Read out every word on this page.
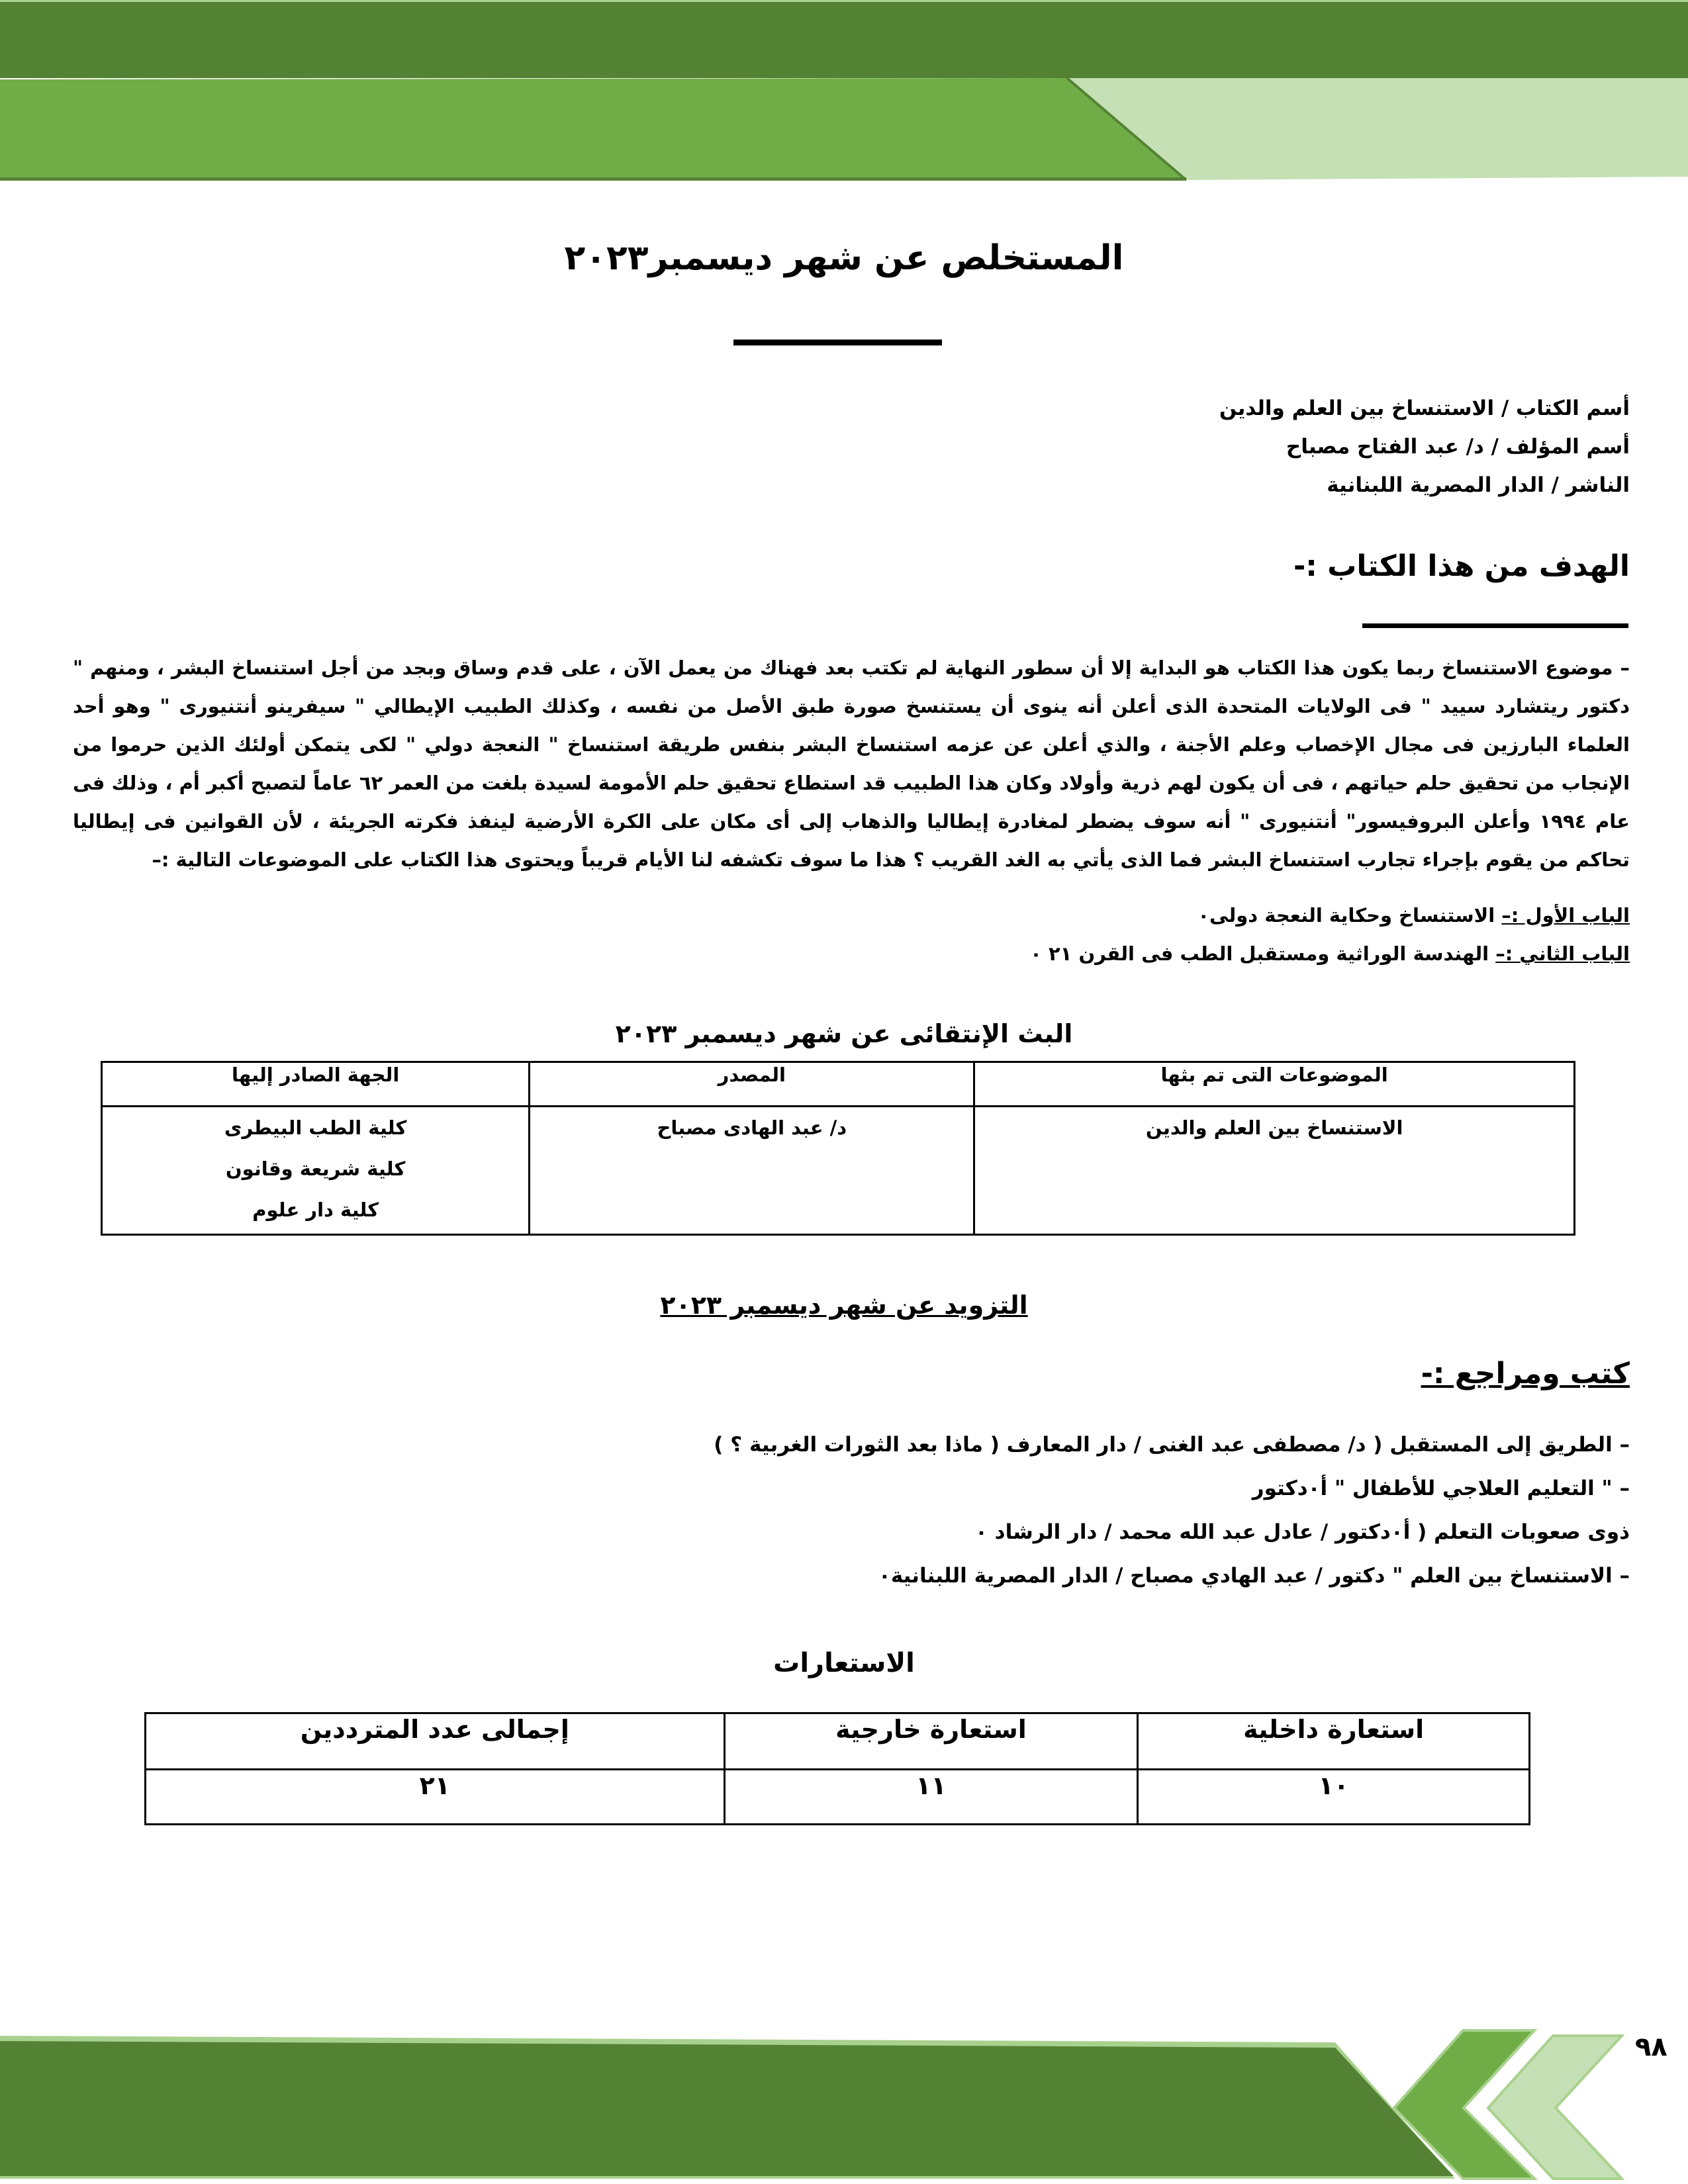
المستخلص عن شهر ديسمبر٢٠٢٣
أسم الكتاب / الاستنساخ بين العلم والدين
أسم المؤلف / د/ عبد الفتاح مصباح
الناشر / الدار المصرية اللبنانية
الهدف من هذا الكتاب :-
– موضوع الاستنساخ ربما يكون هذا الكتاب هو البداية إلا أن سطور النهاية لم تكتب بعد فهناك من يعمل الآن ، على قدم وساق وبجد من أجل استنساخ البشر ، ومنهم " دكتور ريتشارد سييد " فى الولايات المتحدة الذى أعلن أنه ينوى أن يستنسخ صورة طبق الأصل من نفسه ، وكذلك الطبيب الإيطالي " سيفرينو أنتنيورى " وهو أحد العلماء البارزين فى مجال الإخصاب وعلم الأجنة ، والذي أعلن عن عزمه استنساخ البشر بنفس طريقة استنساخ " النعجة دولي " لكى يتمكن أولئك الذين حرموا من الإنجاب من تحقيق حلم حياتهم ، فى أن يكون لهم ذرية وأولاد وكان هذا الطبيب قد استطاع تحقيق حلم الأمومة لسيدة بلغت من العمر ٦٢ عاماً لتصبح أكبر أم ، وذلك فى عام ١٩٩٤ وأعلن البروفيسور" أنتنيورى " أنه سوف يضطر لمغادرة إيطاليا والذهاب إلى أى مكان على الكرة الأرضية لينفذ فكرته الجريئة ، لأن القوانين فى إيطاليا تحاكم من يقوم بإجراء تجارب استنساخ البشر فما الذى يأتي به الغد القريب ؟ هذا ما سوف تكشفه لنا الأيام قريباً ويحتوى هذا الكتاب على الموضوعات التالية :–
الباب الأول :– الاستنساخ وحكاية النعجة دولى٠
الباب الثاني :– الهندسة الوراثية ومستقبل الطب فى القرن ٢١ ٠
البث الإنتقائى عن شهر ديسمبر ٢٠٢٣
الموضوعات التى تم بثها	المصدر	الجهة الصادر إليها
الاستنساخ بين العلم والدين	د/ عبد الهادى مصباح	كلية الطب البيطرى
كلية شريعة وقانون
كلية دار علوم
التزويد عن شهر ديسمبر ٢٠٢٣
كتب ومراجع :-
– الطريق إلى المستقبل ( د/ مصطفى عبد الغنى / دار المعارف ( ماذا بعد الثورات الغربية ؟ )
– " التعليم العلاجي للأطفال " أ٠دكتور
ذوى صعوبات التعلم ( أ٠دكتور / عادل عبد الله محمد / دار الرشاد ٠
– الاستنساخ بين العلم " دكتور / عبد الهادي مصباح / الدار المصرية اللبنانية٠
الاستعارات
استعارة داخلية	استعارة خارجية	إجمالى عدد المترددين
١٠	١١	٢١
٩٨
